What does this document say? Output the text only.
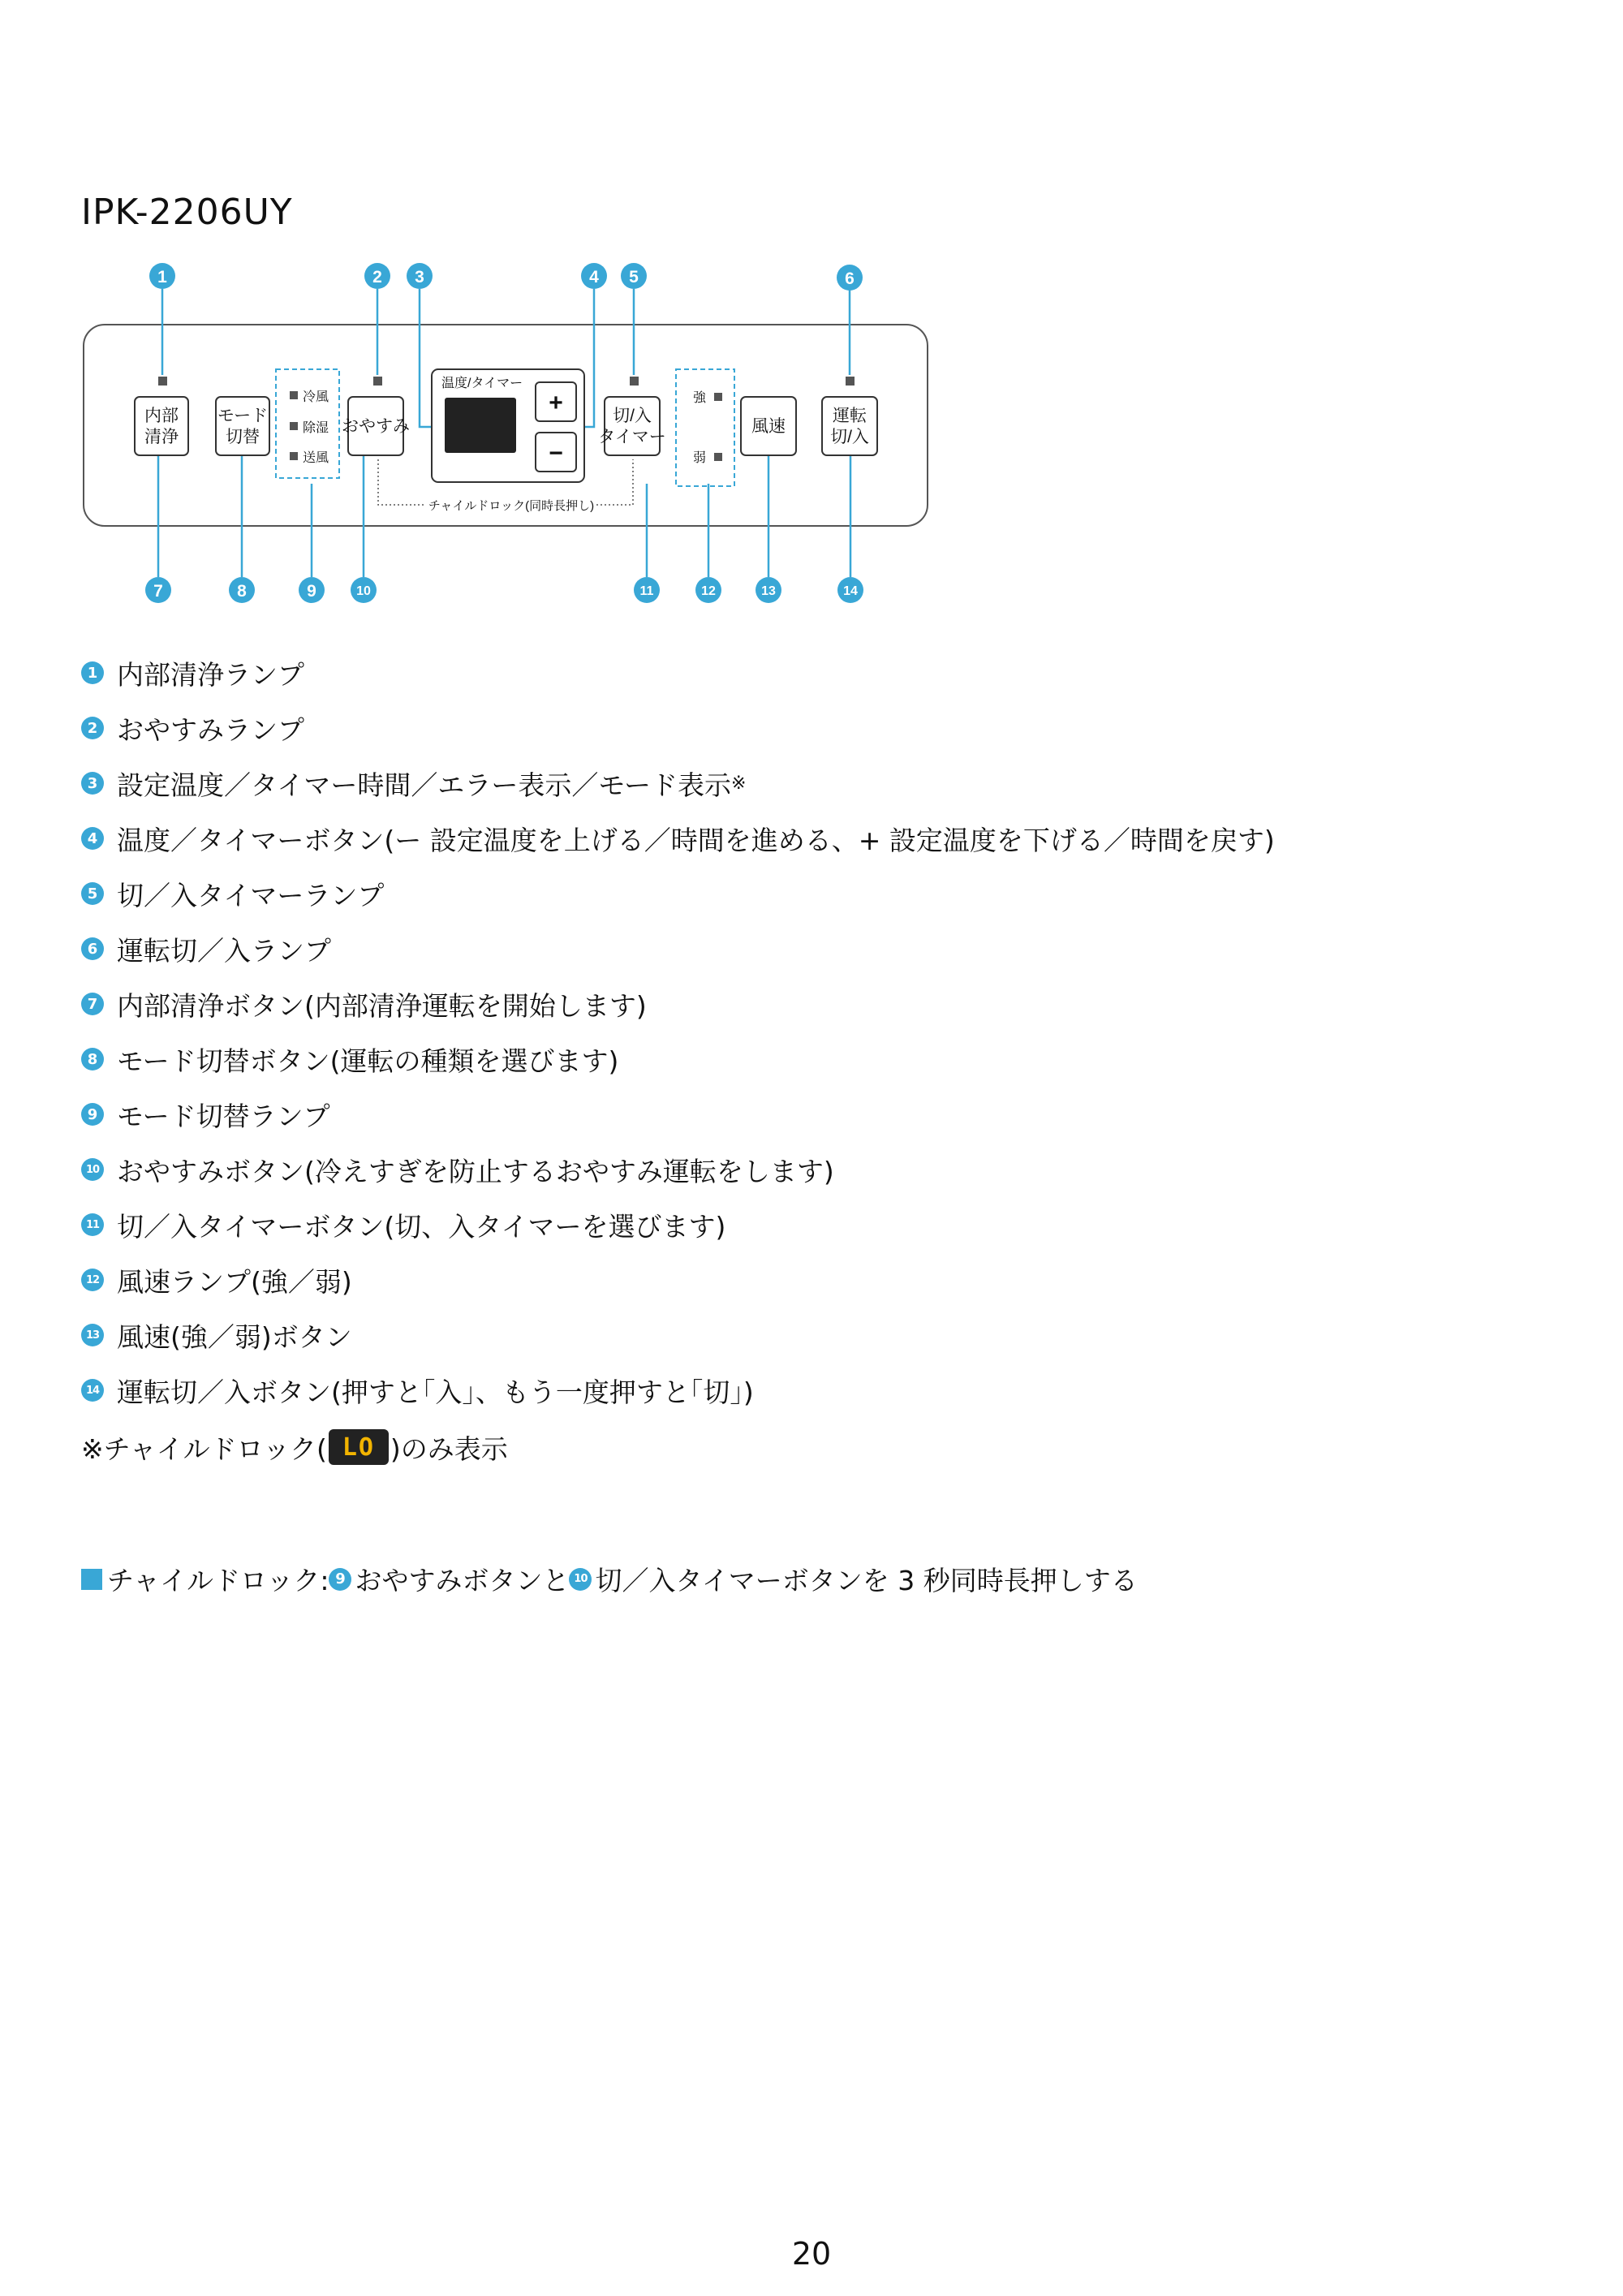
IPK-2206UY
内部
清浄
モード
切替
おやすみ
切/入
タイマー
風速
運転
切/入
+
−
温度/タイマー
冷風
除湿
送風
強
弱
チャイルドロック(同時長押し)
1	2 3	4 5	6
7	8	9	10	11	12	13	14
1 内部清浄ランプ
2 おやすみランプ
3 設定温度／タイマー時間／エラー表示／モード表示 ※
4 温度／タイマーボタン(ー 設定温度を上げる／時間を進める、+ 設定温度を下げる／時間を戻す)
5 切／入タイマーランプ
6 運転切／入ランプ
7 内部清浄ボタン(内部清浄運転を開始します)
8 モード切替ボタン(運転の種類を選びます)
9 モード切替ランプ
10 おやすみボタン(冷えすぎを防止するおやすみ運転をします)
11 切／入タイマーボタン(切、入タイマーを選びます)
12 風速ランプ(強／弱)
13 風速(強／弱)ボタン
14 運転切／入ボタン(押すと｢入｣、もう一度押すと｢切｣)
※チャイルドロック( LO )のみ表示
チャイルドロック: 9 おやすみボタンと 10 切／入タイマーボタンを 3 秒同時長押しする
20
